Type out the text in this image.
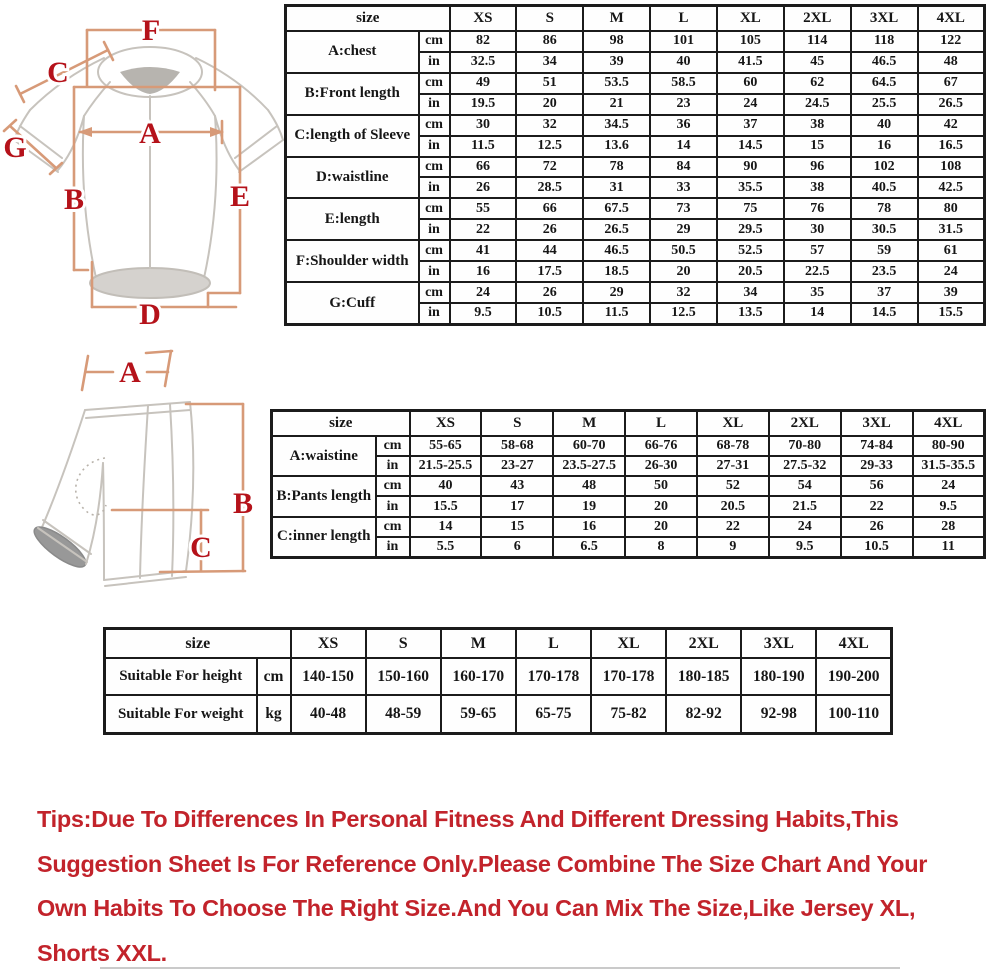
F
C
A
G
B	E
D
A
B
C
size		XS	S	M	L	XL	2XL	3XL	4XL
A:chest	cm	82	86	98	101	105	114	118	122
	in	32.5	34	39	40	41.5	45	46.5	48
B:Front length	cm	49	51	53.5	58.5	60	62	64.5	67
	in	19.5	20	21	23	24	24.5	25.5	26.5
C:length of Sleeve	cm	30	32	34.5	36	37	38	40	42
	in	11.5	12.5	13.6	14	14.5	15	16	16.5
D:waistline	cm	66	72	78	84	90	96	102	108
	in	26	28.5	31	33	35.5	38	40.5	42.5
E:length	cm	55	66	67.5	73	75	76	78	80
	in	22	26	26.5	29	29.5	30	30.5	31.5
F:Shoulder width	cm	41	44	46.5	50.5	52.5	57	59	61
	in	16	17.5	18.5	20	20.5	22.5	23.5	24
G:Cuff	cm	24	26	29	32	34	35	37	39
	in	9.5	10.5	11.5	12.5	13.5	14	14.5	15.5
size		XS	S	M	L	XL	2XL	3XL	4XL
A:waistine	cm	55-65	58-68	60-70	66-76	68-78	70-80	74-84	80-90
	in	21.5-25.5	23-27	23.5-27.5	26-30	27-31	27.5-32	29-33	31.5-35.5
B:Pants length	cm	40	43	48	50	52	54	56	24
	in	15.5	17	19	20	20.5	21.5	22	9.5
C:inner length	cm	14	15	16	20	22	24	26	28
	in	5.5	6	6.5	8	9	9.5	10.5	11
size		XS	S	M	L	XL	2XL	3XL	4XL
Suitable For height	cm	140-150	150-160	160-170	170-178	170-178	180-185	180-190	190-200
Suitable For weight	kg	40-48	48-59	59-65	65-75	75-82	82-92	92-98	100-110
Tips:Due To Differences In Personal Fitness And Different Dressing Habits,This
Suggestion Sheet Is For Reference Only.Please Combine The Size Chart And Your
Own Habits To Choose The Right Size.And You Can Mix The Size,Like Jersey XL,
Shorts XXL.
